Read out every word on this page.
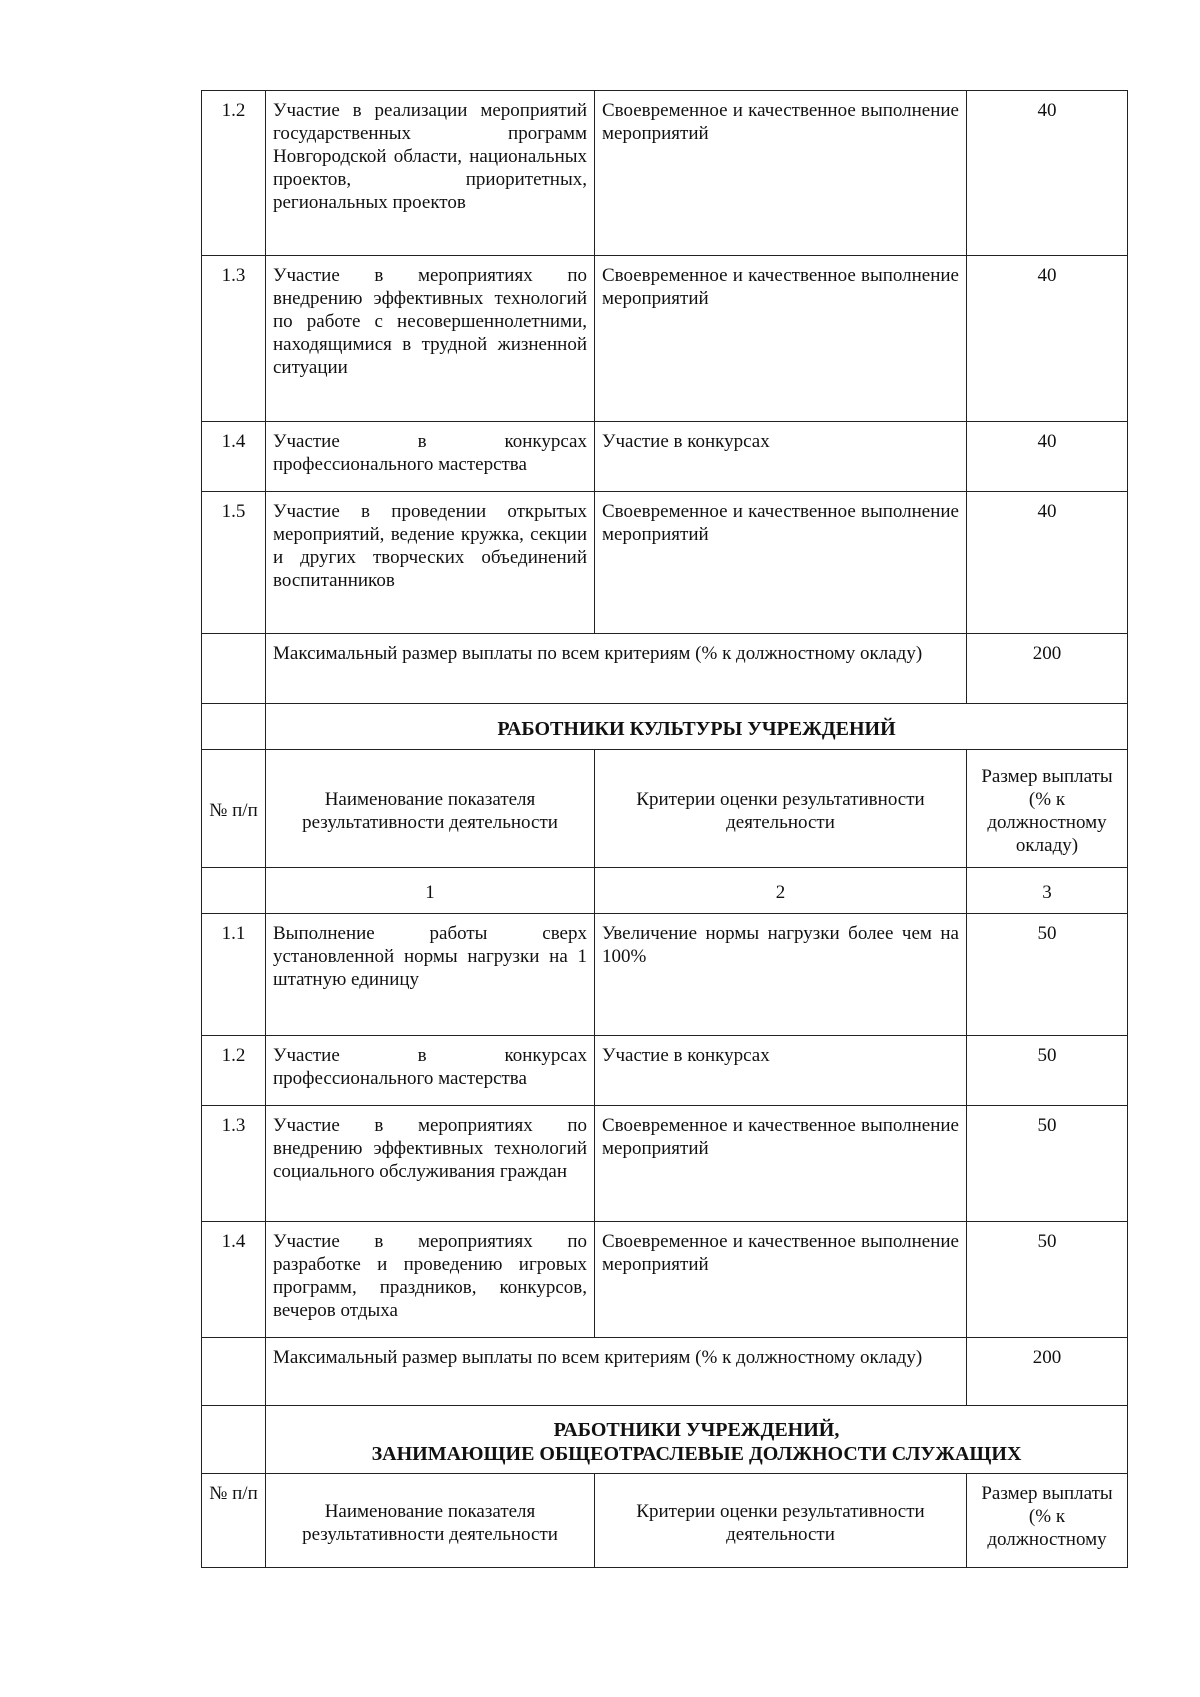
1.2	Участие в реализации мероприятий государственных программ Новгородской области, национальных проектов, приоритетных, региональных проектов	Своевременное и качественное выполнение мероприятий	40
1.3	Участие в мероприятиях по внедрению эффективных технологий по работе с несовершеннолетними, находящимися в трудной жизненной ситуации	Своевременное и качественное выполнение мероприятий	40
1.4	Участие в конкурсах профессионального мастерства	Участие в конкурсах	40
1.5	Участие в проведении открытых мероприятий, ведение кружка, секции и других творческих объединений воспитанников	Своевременное и качественное выполнение мероприятий	40
	Максимальный размер выплаты по всем критериям (% к должностному окладу)		200
	РАБОТНИКИ КУЛЬТУРЫ УЧРЕЖДЕНИЙ		
№ п/п	Наименование показателя результативности деятельности	Критерии оценки результативности деятельности	Размер выплаты (% к должностному окладу)
	1	2	3
1.1	Выполнение работы сверх установленной нормы нагрузки на 1 штатную единицу	Увеличение нормы нагрузки более чем на 100%	50
1.2	Участие в конкурсах профессионального мастерства	Участие в конкурсах	50
1.3	Участие в мероприятиях по внедрению эффективных технологий социального обслуживания граждан	Своевременное и качественное выполнение мероприятий	50
1.4	Участие в мероприятиях по разработке и проведению игровых программ, праздников, конкурсов, вечеров отдыха	Своевременное и качественное выполнение мероприятий	50
	Максимальный размер выплаты по всем критериям (% к должностному окладу)		200

	РАБОТНИКИ УЧРЕЖДЕНИЙ,
ЗАНИМАЮЩИЕ ОБЩЕОТРАСЛЕВЫЕ ДОЛЖНОСТИ СЛУЖАЩИХ		

№ п/п	Наименование показателя результативности деятельности	Критерии оценки результативности деятельности	Размер выплаты (% к должностному
